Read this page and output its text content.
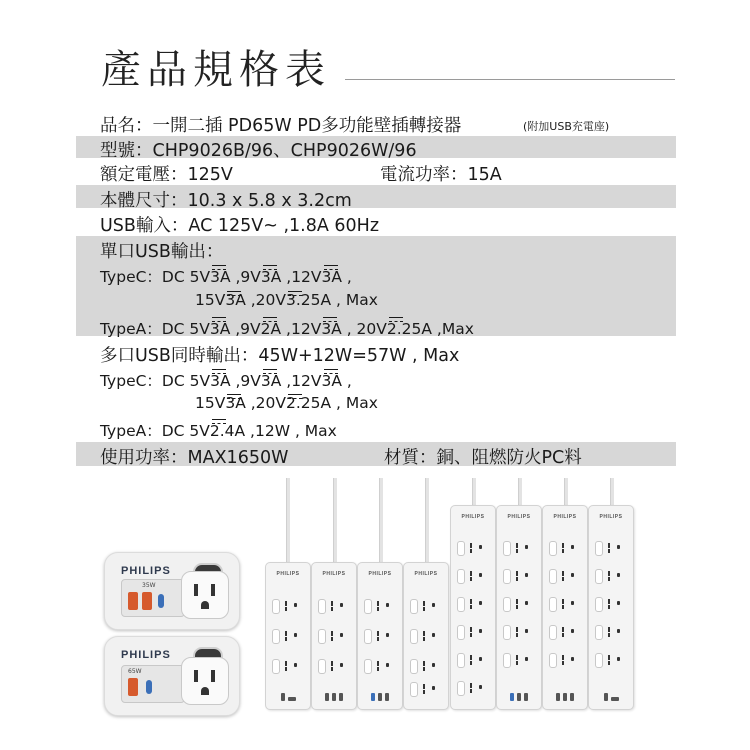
產品規格表
品名：一開二插 PD65W PD多功能壁插轉接器	(附加USB充電座)
型號：CHP9026B/96、CHP9026W/96
額定電壓：125V	電流功率：15A
本體尺寸：10.3 x 5.8 x 3.2cm
USB輸入：AC 125V~ ,1.8A 60Hz
單口USB輸出：
TypeC：DC 5V
3A ,9V
3A ,12V
3A ,
15V
3A ,20V
3.25A , Max
TypeA：DC 5V
3A ,9V
2A ,12V
3A , 20V
2.25A ,Max
多口USB同時輸出：45W+12W=57W , Max
TypeC：DC 5V
3A ,9V
3A ,12V
3A ,
15V
3A ,20V
2.25A , Max
TypeA：DC 5V
2.4A ,12W , Max
使用功率：MAX1650W	材質：銅、阻燃防火PC料
PHILIPS
35W
PHILIPS
65W
PHILIPS	PHILIPS	PHILIPS	PHILIPS
PHILIPS	PHILIPS	PHILIPS	PHILIPS
